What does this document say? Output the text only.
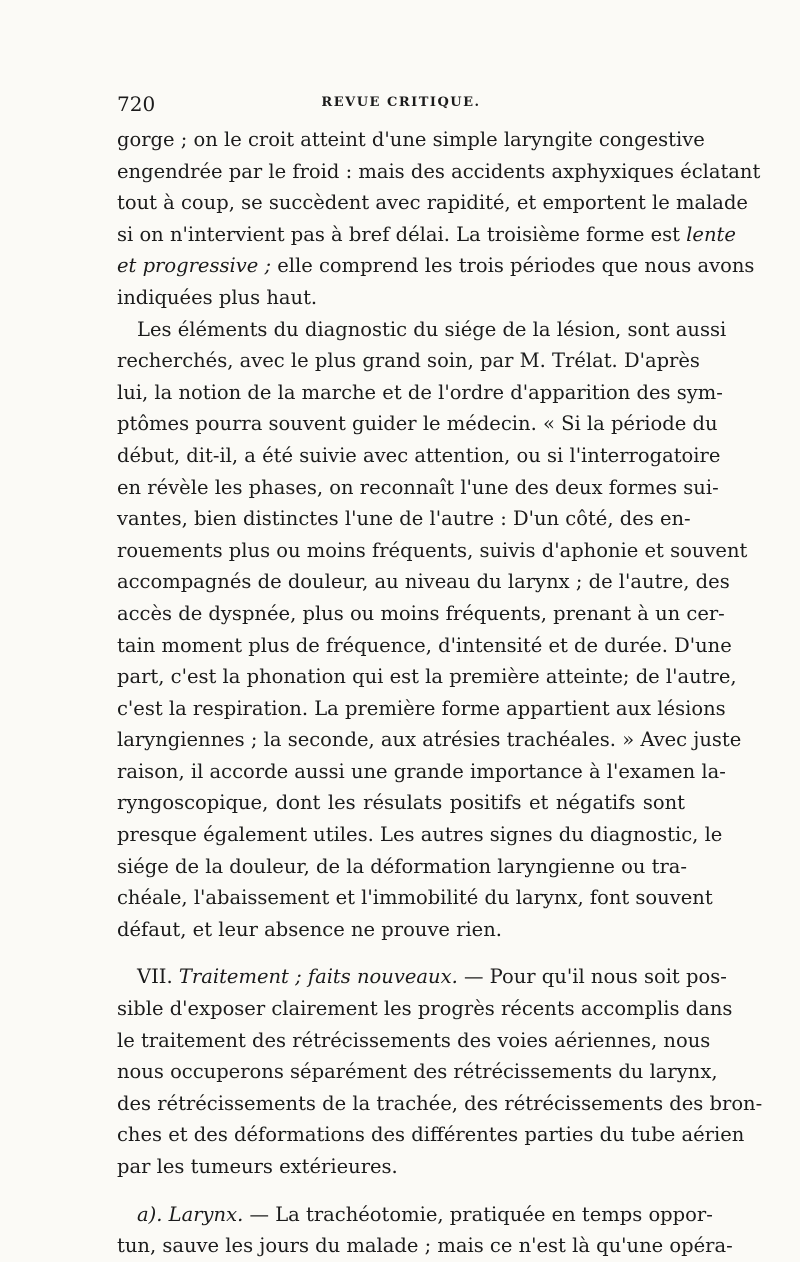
720	REVUE CRITIQUE.
gorge ; on le croit atteint d'une simple laryngite congestive
engendrée par le froid : mais des accidents axphyxiques éclatant
tout à coup, se succèdent avec rapidité, et emportent le malade
si on n'intervient pas à bref délai. La troisième forme est lente
et progressive ; elle comprend les trois périodes que nous avons
indiquées plus haut.
Les éléments du diagnostic du siége de la lésion, sont aussi
recherchés, avec le plus grand soin, par M. Trélat. D'après
lui, la notion de la marche et de l'ordre d'apparition des sym-
ptômes pourra souvent guider le médecin. « Si la période du
début, dit-il, a été suivie avec attention, ou si l'interrogatoire
en révèle les phases, on reconnaît l'une des deux formes sui-
vantes, bien distinctes l'une de l'autre : D'un côté, des en-
rouements plus ou moins fréquents, suivis d'aphonie et souvent
accompagnés de douleur, au niveau du larynx ; de l'autre, des
accès de dyspnée, plus ou moins fréquents, prenant à un cer-
tain moment plus de fréquence, d'intensité et de durée. D'une
part, c'est la phonation qui est la première atteinte; de l'autre,
c'est la respiration. La première forme appartient aux lésions
laryngiennes ; la seconde, aux atrésies trachéales. » Avec juste
raison, il accorde aussi une grande importance à l'examen la-
ryngoscopique, dont les résulats positifs et négatifs sont
presque également utiles. Les autres signes du diagnostic, le
siége de la douleur, de la déformation laryngienne ou tra-
chéale, l'abaissement et l'immobilité du larynx, font souvent
défaut, et leur absence ne prouve rien.
VII. Traitement ; faits nouveaux. — Pour qu'il nous soit pos-
sible d'exposer clairement les progrès récents accomplis dans
le traitement des rétrécissements des voies aériennes, nous
nous occuperons séparément des rétrécissements du larynx,
des rétrécissements de la trachée, des rétrécissements des bron-
ches et des déformations des différentes parties du tube aérien
par les tumeurs extérieures.
a). Larynx. — La trachéotomie, pratiquée en temps oppor-
tun, sauve les jours du malade ; mais ce n'est là qu'une opéra-
